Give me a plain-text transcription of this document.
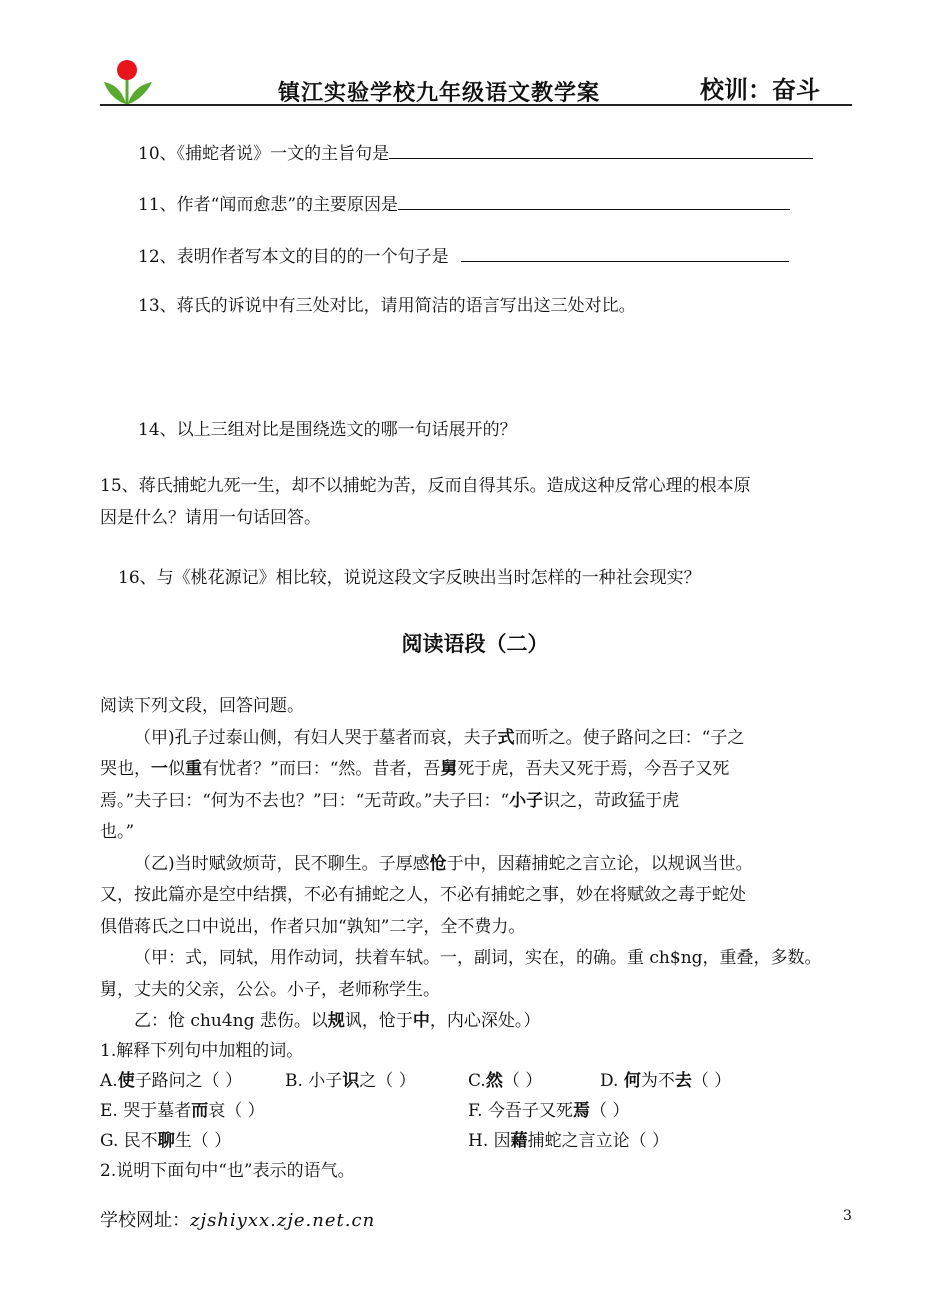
镇江实验学校九年级语文教学案	校训：奋斗
10、《捕蛇者说》一文的主旨句是
11、作者“闻而愈悲”的主要原因是
12、表明作者写本文的目的的一个句子是
13、蒋氏的诉说中有三处对比，请用简洁的语言写出这三处对比。
14、以上三组对比是围绕选文的哪一句话展开的？
15、蒋氏捕蛇九死一生，却不以捕蛇为苦，反而自得其乐。造成这种反常心理的根本原
因是什么？请用一句话回答。
16、与《桃花源记》相比较，说说这段文字反映出当时怎样的一种社会现实？
阅读语段（二）
阅读下列文段，回答问题。
（甲)孔子过泰山侧，有妇人哭于墓者而哀，夫子式而听之。使子路问之曰：“子之
哭也，一似重有忧者？”而曰：“然。昔者，吾舅死于虎，吾夫又死于焉，今吾子又死
焉。”夫子曰：“何为不去也？”曰：“无苛政。”夫子曰：“小子识之，苛政猛于虎
也。”
（乙)当时赋敛烦苛，民不聊生。子厚感怆于中，因藉捕蛇之言立论，以规讽当世。
又，按此篇亦是空中结撰，不必有捕蛇之人，不必有捕蛇之事，妙在将赋敛之毒于蛇处
俱借蒋氏之口中说出，作者只加“孰知”二字，全不费力。
（甲：式，同轼，用作动词，扶着车轼。一，副词，实在，的确。重 ch$ng，重叠，多数。
舅，丈夫的父亲，公公。小子，老师称学生。
乙：怆 chu4ng 悲伤。以规讽，怆于中，内心深处。）
1.解释下列句中加粗的词。
A.使子路问之（ ）	B. 小子识之（ ）	C.然（ ）	D. 何为不去（ ）
E. 哭于墓者而哀（ ）	F. 今吾子又死焉（ ）
G. 民不聊生（ ）	H. 因藉捕蛇之言立论（ ）
2.说明下面句中“也”表示的语气。
学校网址：zjshiyxx.zje.net.cn	3
